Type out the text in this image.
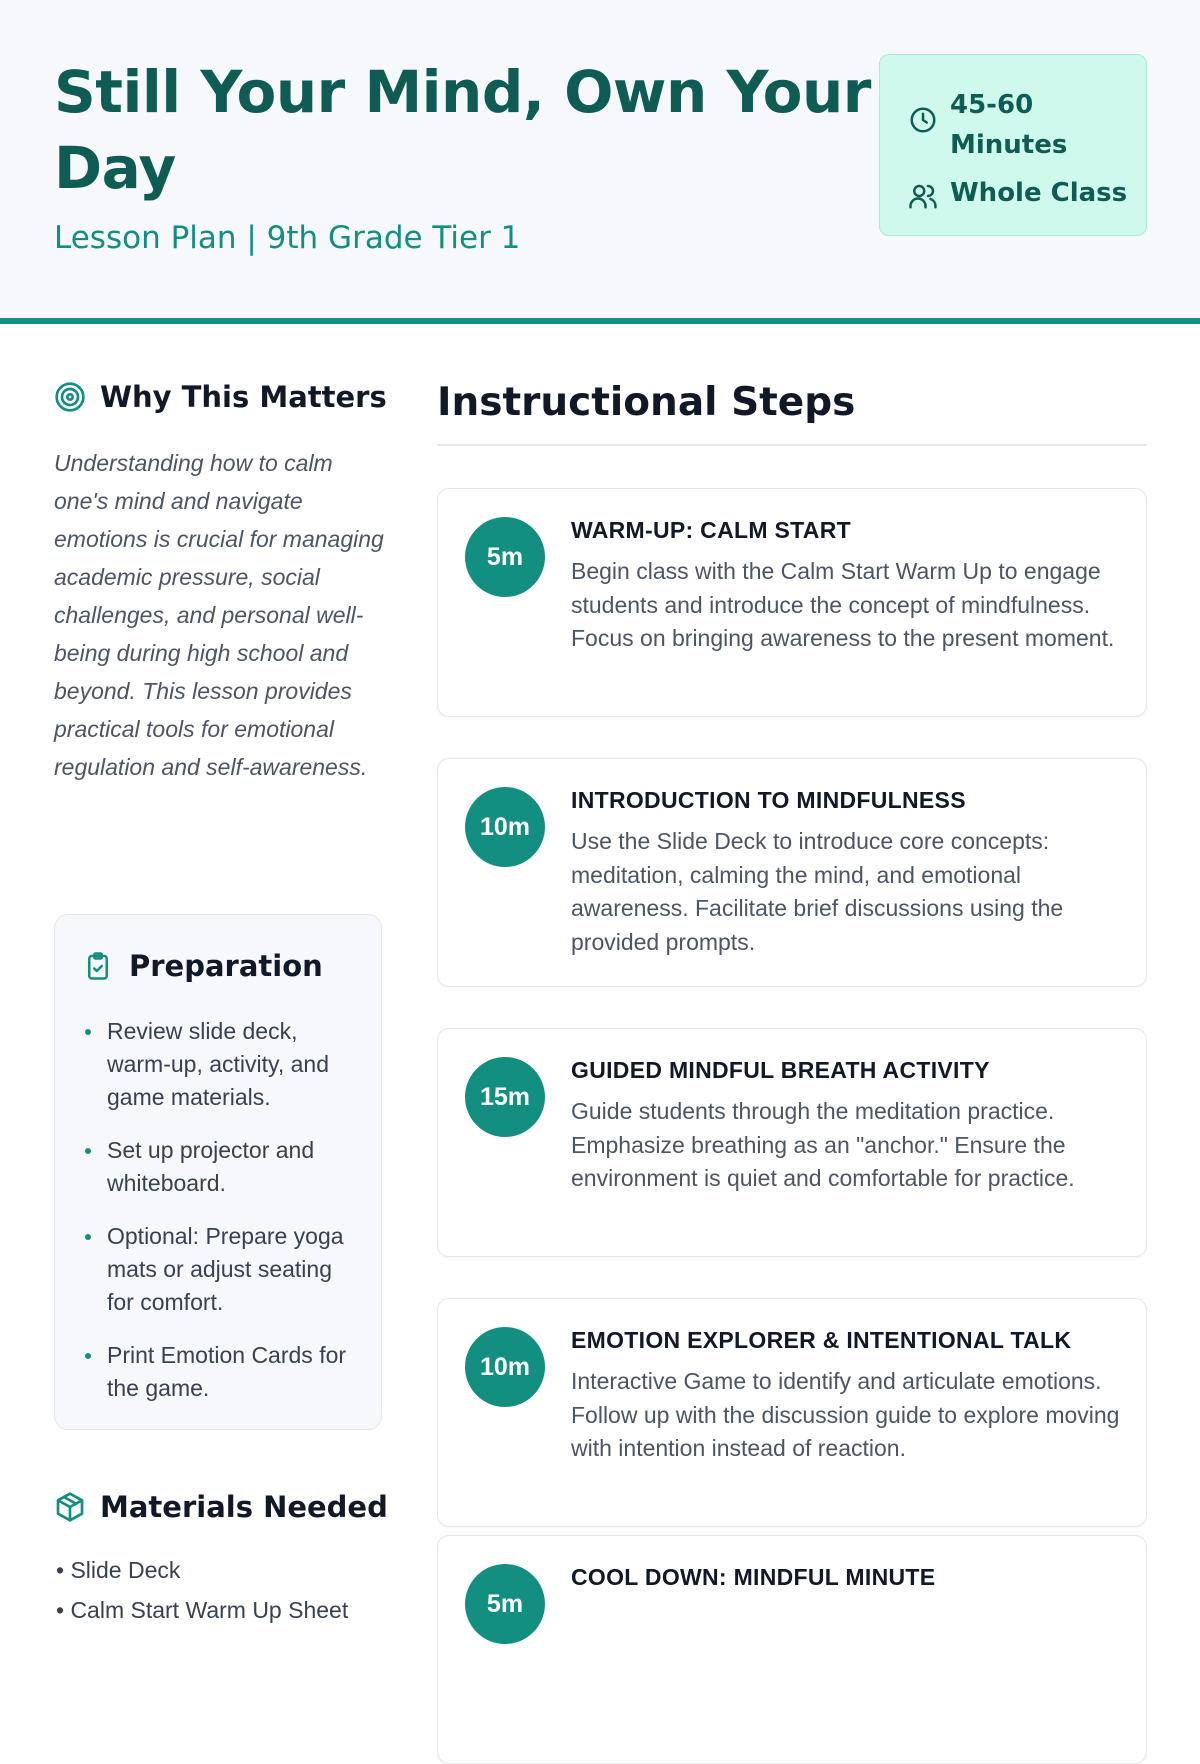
Still Your Mind, Own Your Day
Lesson Plan | 9th Grade Tier 1
45-60 Minutes
Whole Class
Why This Matters

Understanding how to calm one's mind and navigate emotions is crucial for managing academic pressure, social challenges, and personal well-being during high school and beyond. This lesson provides practical tools for emotional regulation and self-awareness.

Preparation
Review slide deck, warm-up, activity, and game materials.
Set up projector and whiteboard.
Optional: Prepare yoga mats or adjust seating for comfort.
Print Emotion Cards for the game.
Materials Needed
• Slide Deck
• Calm Start Warm Up Sheet
Instructional Steps
5m
WARM-UP: CALM START
Begin class with the Calm Start Warm Up to engage students and introduce the concept of mindfulness. Focus on bringing awareness to the present moment.
10m
INTRODUCTION TO MINDFULNESS
Use the Slide Deck to introduce core concepts: meditation, calming the mind, and emotional awareness. Facilitate brief discussions using the provided prompts.
15m
GUIDED MINDFUL BREATH ACTIVITY
Guide students through the meditation practice. Emphasize breathing as an "anchor." Ensure the environment is quiet and comfortable for practice.
10m
EMOTION EXPLORER & INTENTIONAL TALK
Interactive Game to identify and articulate emotions. Follow up with the discussion guide to explore moving with intention instead of reaction.
5m
COOL DOWN: MINDFUL MINUTE
